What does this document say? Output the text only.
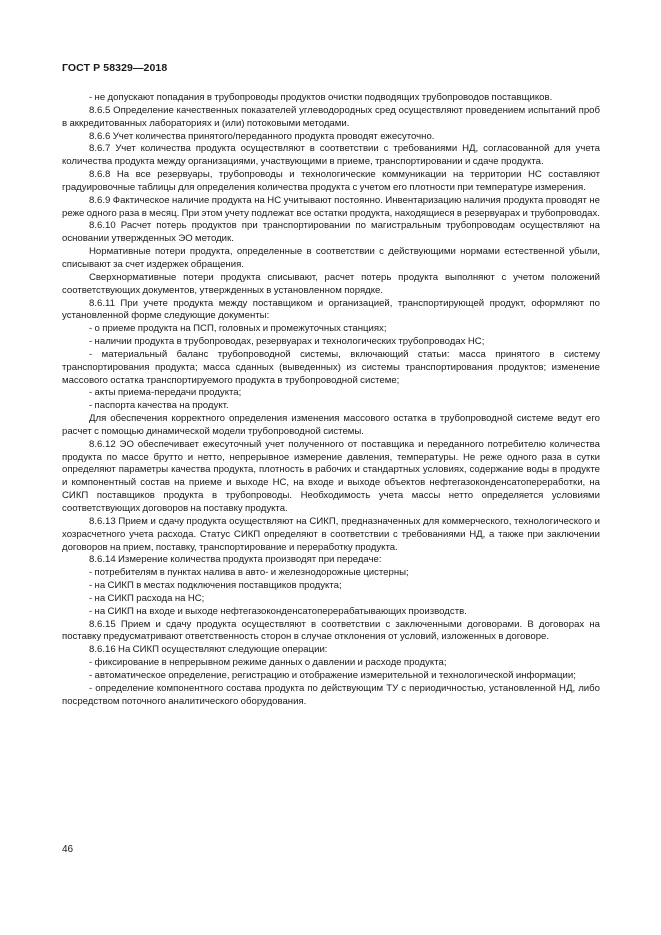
ГОСТ Р 58329—2018

- не допускают попадания в трубопроводы продуктов очистки подводящих трубопроводов поставщиков.

8.6.5 Определение качественных показателей углеводородных сред осуществляют проведением испытаний проб в аккредитованных лабораториях и (или) потоковыми методами.

8.6.6 Учет количества принятого/переданного продукта проводят ежесуточно.

8.6.7 Учет количества продукта осуществляют в соответствии с требованиями НД, согласованной для учета количества продукта между организациями, участвующими в приеме, транспортировании и сдаче продукта.

8.6.8 На все резервуары, трубопроводы и технологические коммуникации на территории НС составляют градуировочные таблицы для определения количества продукта с учетом его плотности при температуре измерения.

8.6.9 Фактическое наличие продукта на НС учитывают постоянно. Инвентаризацию наличия продукта проводят не реже одного раза в месяц. При этом учету подлежат все остатки продукта, находящиеся в резервуарах и трубопроводах.

8.6.10 Расчет потерь продуктов при транспортировании по магистральным трубопроводам осуществляют на основании утвержденных ЭО методик.

Нормативные потери продукта, определенные в соответствии с действующими нормами естественной убыли, списывают за счет издержек обращения.

Сверхнормативные потери продукта списывают, расчет потерь продукта выполняют с учетом положений соответствующих документов, утвержденных в установленном порядке.

8.6.11 При учете продукта между поставщиком и организацией, транспортирующей продукт, оформляют по установленной форме следующие документы:

- о приеме продукта на ПСП, головных и промежуточных станциях;

- наличии продукта в трубопроводах, резервуарах и технологических трубопроводах НС;

- материальный баланс трубопроводной системы, включающий статьи: масса принятого в систему транспортирования продукта; масса сданных (выведенных) из системы транспортирования продуктов; изменение массового остатка транспортируемого продукта в трубопроводной системе;

- акты приема-передачи продукта;

- паспорта качества на продукт.

Для обеспечения корректного определения изменения массового остатка в трубопроводной системе ведут его расчет с помощью динамической модели трубопроводной системы.

8.6.12 ЭО обеспечивает ежесуточный учет полученного от поставщика и переданного потребителю количества продукта по массе брутто и нетто, непрерывное измерение давления, температуры. Не реже одного раза в сутки определяют параметры качества продукта, плотность в рабочих и стандартных условиях, содержание воды в продукте и компонентный состав на приеме и выходе НС, на входе и выходе объектов нефтегазоконденсатопереработки, на СИКП поставщиков продукта в трубопроводы. Необходимость учета массы нетто определяется условиями соответствующих договоров на поставку продукта.

8.6.13 Прием и сдачу продукта осуществляют на СИКП, предназначенных для коммерческого, технологического и хозрасчетного учета расхода. Статус СИКП определяют в соответствии с требованиями НД, а также при заключении договоров на прием, поставку, транспортирование и переработку продукта.

8.6.14 Измерение количества продукта производят при передаче:

- потребителям в пунктах налива в авто- и железнодорожные цистерны;

- на СИКП в местах подключения поставщиков продукта;

- на СИКП расхода на НС;

- на СИКП на входе и выходе нефтегазоконденсатоперерабатывающих производств.

8.6.15 Прием и сдачу продукта осуществляют в соответствии с заключенными договорами. В договорах на поставку предусматривают ответственность сторон в случае отклонения от условий, изложенных в договоре.

8.6.16 На СИКП осуществляют следующие операции:

- фиксирование в непрерывном режиме данных о давлении и расходе продукта;

- автоматическое определение, регистрацию и отображение измерительной и технологической информации;

- определение компонентного состава продукта по действующим ТУ с периодичностью, установленной НД, либо посредством поточного аналитического оборудования.

46
